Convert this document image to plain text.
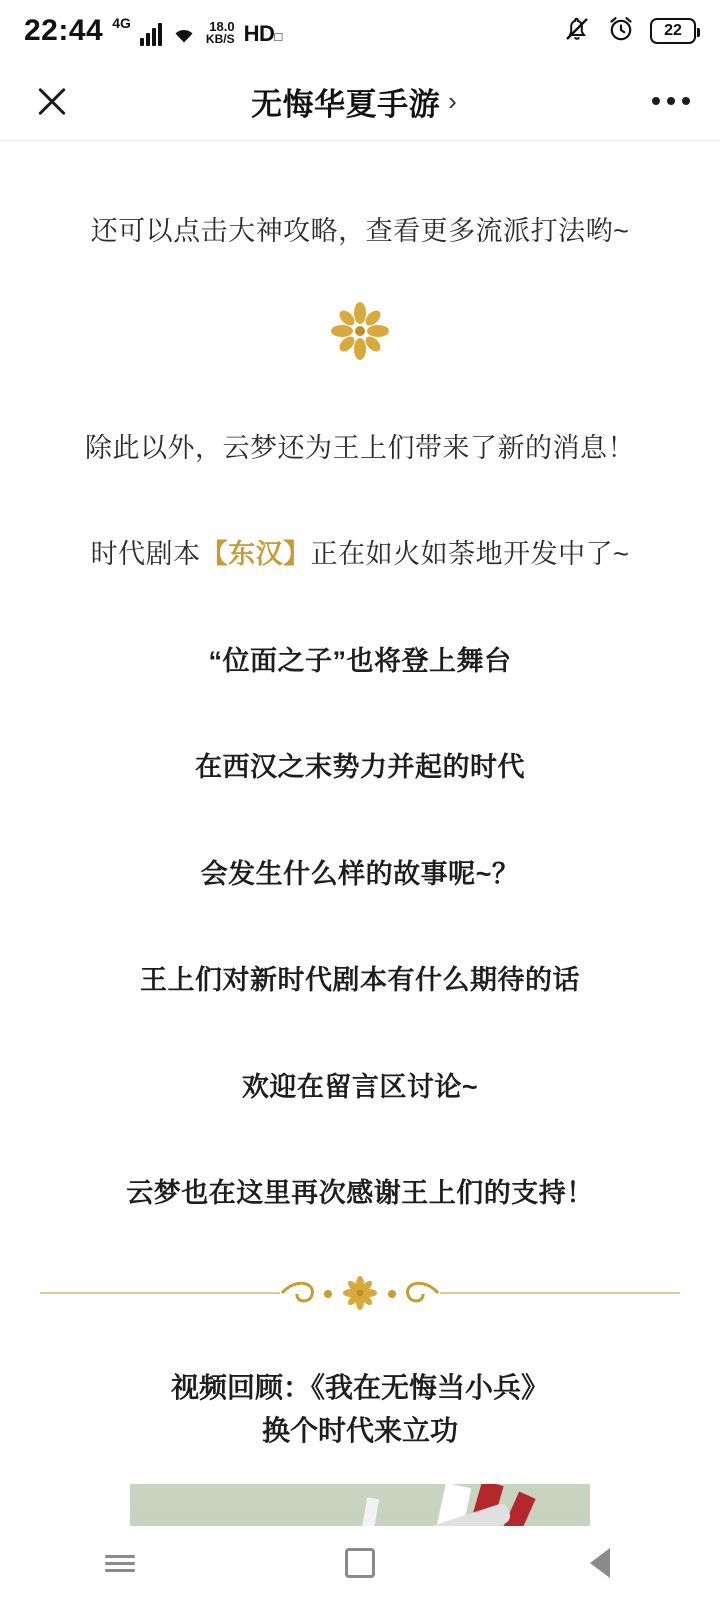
22:44 4G	18.0
KB/S HD□	22
无悔华夏手游 ›

还可以点击大神攻略，查看更多流派打法哟~

除此以外，云梦还为王上们带来了新的消息！

时代剧本【东汉】正在如火如荼地开发中了~

“位面之子”也将登上舞台

在西汉之末势力并起的时代

会发生什么样的故事呢~？

王上们对新时代剧本有什么期待的话

欢迎在留言区讨论~

云梦也在这里再次感谢王上们的支持！

视频回顾：《我在无悔当小兵》
换个时代来立功
